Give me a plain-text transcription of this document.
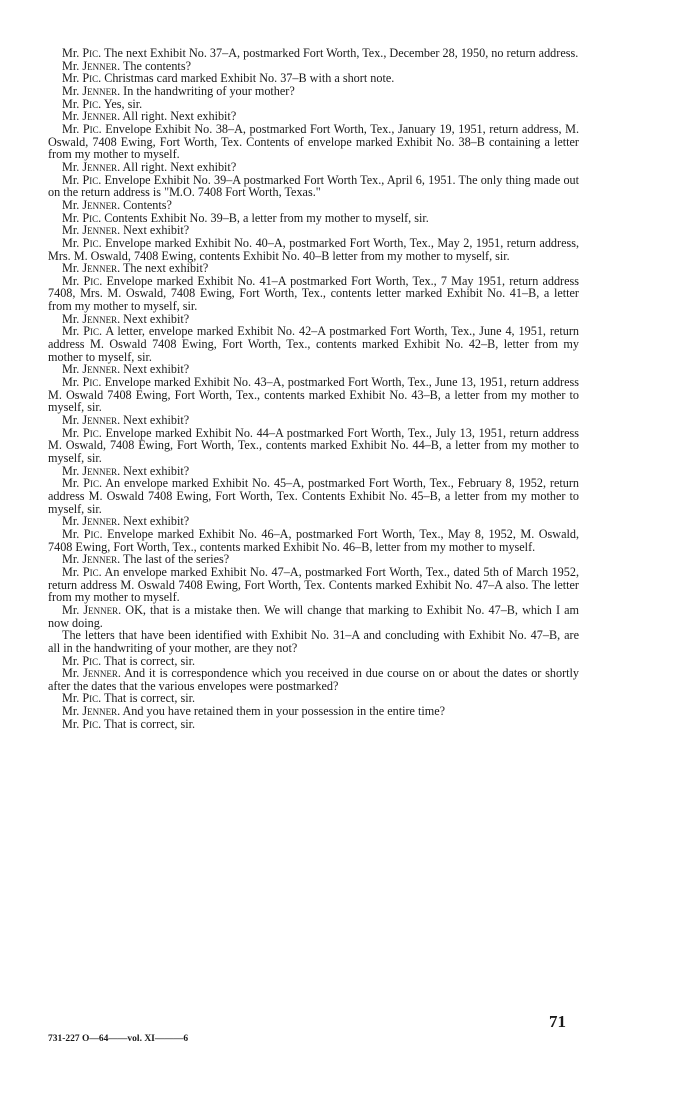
Mr. Pic. The next Exhibit No. 37–A, postmarked Fort Worth, Tex., December 28, 1950, no return address.

Mr. Jenner. The contents?

Mr. Pic. Christmas card marked Exhibit No. 37–B with a short note.

Mr. Jenner. In the handwriting of your mother?

Mr. Pic. Yes, sir.

Mr. Jenner. All right. Next exhibit?

Mr. Pic. Envelope Exhibit No. 38–A, postmarked Fort Worth, Tex., January 19, 1951, return address, M. Oswald, 7408 Ewing, Fort Worth, Tex. Contents of envelope marked Exhibit No. 38–B containing a letter from my mother to myself.

Mr. Jenner. All right. Next exhibit?

Mr. Pic. Envelope Exhibit No. 39–A postmarked Fort Worth Tex., April 6, 1951. The only thing made out on the return address is "M.O. 7408 Fort Worth, Texas."

Mr. Jenner. Contents?

Mr. Pic. Contents Exhibit No. 39–B, a letter from my mother to myself, sir.

Mr. Jenner. Next exhibit?

Mr. Pic. Envelope marked Exhibit No. 40–A, postmarked Fort Worth, Tex., May 2, 1951, return address, Mrs. M. Oswald, 7408 Ewing, contents Exhibit No. 40–B letter from my mother to myself, sir.

Mr. Jenner. The next exhibit?

Mr. Pic. Envelope marked Exhibit No. 41–A postmarked Fort Worth, Tex., 7 May 1951, return address 7408, Mrs. M. Oswald, 7408 Ewing, Fort Worth, Tex., contents letter marked Exhibit No. 41–B, a letter from my mother to myself, sir.

Mr. Jenner. Next exhibit?

Mr. Pic. A letter, envelope marked Exhibit No. 42–A postmarked Fort Worth, Tex., June 4, 1951, return address M. Oswald 7408 Ewing, Fort Worth, Tex., contents marked Exhibit No. 42–B, letter from my mother to myself, sir.

Mr. Jenner. Next exhibit?

Mr. Pic. Envelope marked Exhibit No. 43–A, postmarked Fort Worth, Tex., June 13, 1951, return address M. Oswald 7408 Ewing, Fort Worth, Tex., contents marked Exhibit No. 43–B, a letter from my mother to myself, sir.

Mr. Jenner. Next exhibit?

Mr. Pic. Envelope marked Exhibit No. 44–A postmarked Fort Worth, Tex., July 13, 1951, return address M. Oswald, 7408 Ewing, Fort Worth, Tex., contents marked Exhibit No. 44–B, a letter from my mother to myself, sir.

Mr. Jenner. Next exhibit?

Mr. Pic. An envelope marked Exhibit No. 45–A, postmarked Fort Worth, Tex., February 8, 1952, return address M. Oswald 7408 Ewing, Fort Worth, Tex. Contents Exhibit No. 45–B, a letter from my mother to myself, sir.

Mr. Jenner. Next exhibit?

Mr. Pic. Envelope marked Exhibit No. 46–A, postmarked Fort Worth, Tex., May 8, 1952, M. Oswald, 7408 Ewing, Fort Worth, Tex., contents marked Exhibit No. 46–B, letter from my mother to myself.

Mr. Jenner. The last of the series?

Mr. Pic. An envelope marked Exhibit No. 47–A, postmarked Fort Worth, Tex., dated 5th of March 1952, return address M. Oswald 7408 Ewing, Fort Worth, Tex. Contents marked Exhibit No. 47–A also. The letter from my mother to myself.

Mr. Jenner. OK, that is a mistake then. We will change that marking to Exhibit No. 47–B, which I am now doing.

The letters that have been identified with Exhibit No. 31–A and concluding with Exhibit No. 47–B, are all in the handwriting of your mother, are they not?

Mr. Pic. That is correct, sir.

Mr. Jenner. And it is correspondence which you received in due course on or about the dates or shortly after the dates that the various envelopes were postmarked?

Mr. Pic. That is correct, sir.

Mr. Jenner. And you have retained them in your possession in the entire time?

Mr. Pic. That is correct, sir.

71
731-227 O—64——vol. XI———6
